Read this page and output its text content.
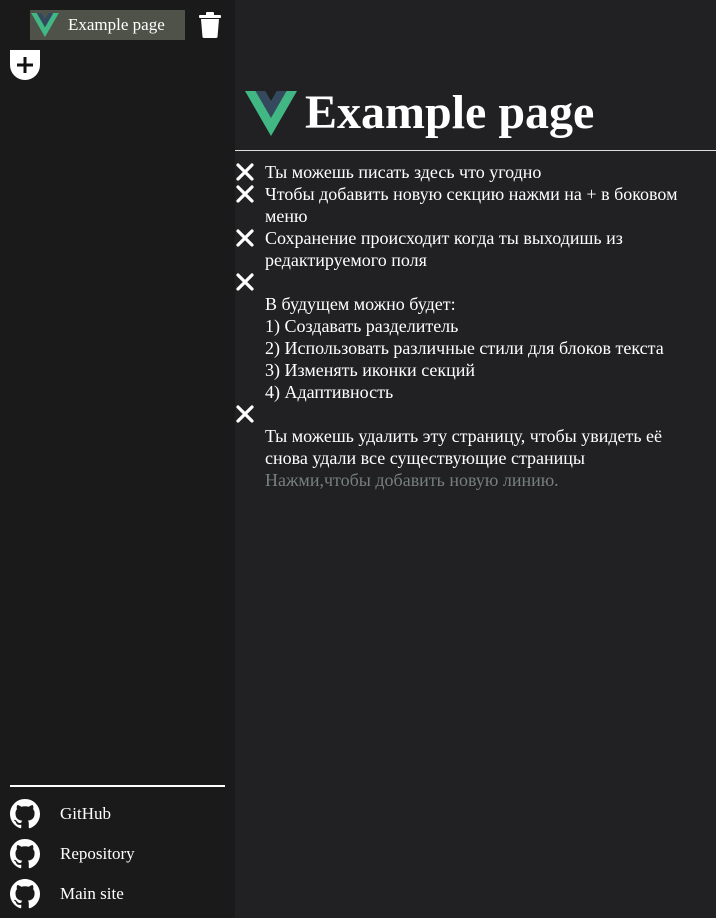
Example page
GitHub
Repository
Main site
Example page
Ты можешь писать здесь что угодно
Чтобы добавить новую секцию нажми на + в боковом меню
Сохранение происходит когда ты выходишь из редактируемого поля

В будущем можно будет:
1) Создавать разделитель
2) Использовать различные стили для блоков текста
3) Изменять иконки секций
4) Адаптивность

Ты можешь удалить эту страницу, чтобы увидеть её снова удали все существующие страницы
Нажми,чтобы добавить новую линию.
